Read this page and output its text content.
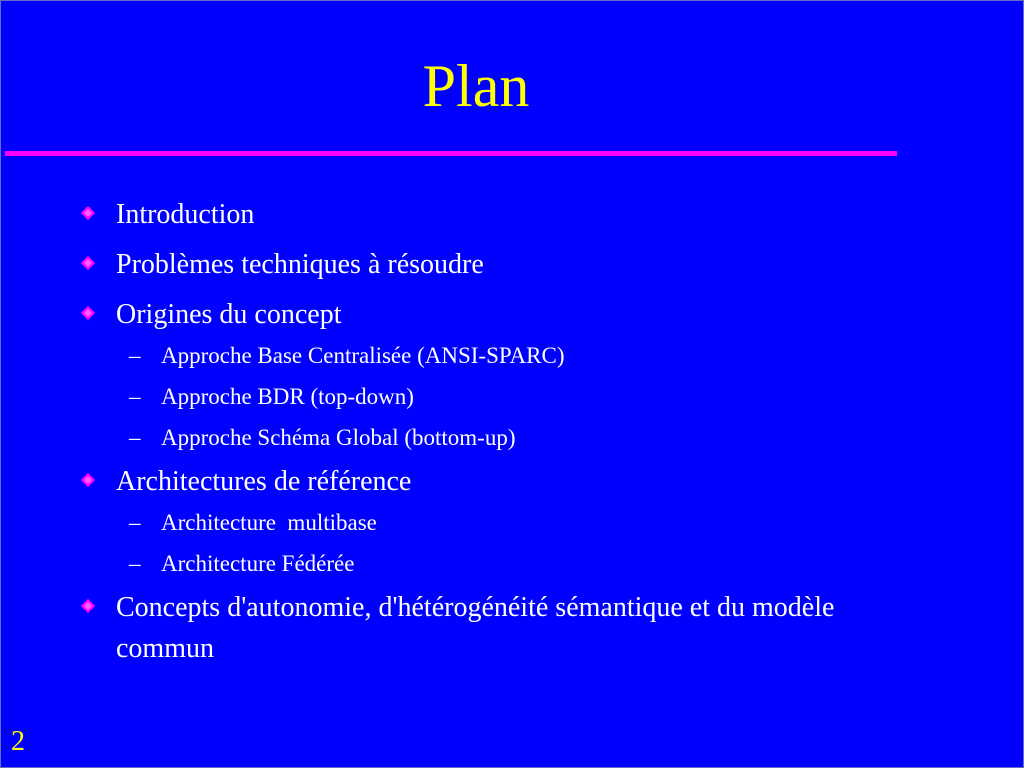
Plan
Introduction
Problèmes techniques à résoudre
Origines du concept
– Approche Base Centralisée (ANSI-SPARC)
– Approche BDR (top-down)
– Approche Schéma Global (bottom-up)
Architectures de référence
– Architecture  multibase
– Architecture Fédérée
Concepts d'autonomie, d'hétérogénéité sémantique et du modèle commun
2
